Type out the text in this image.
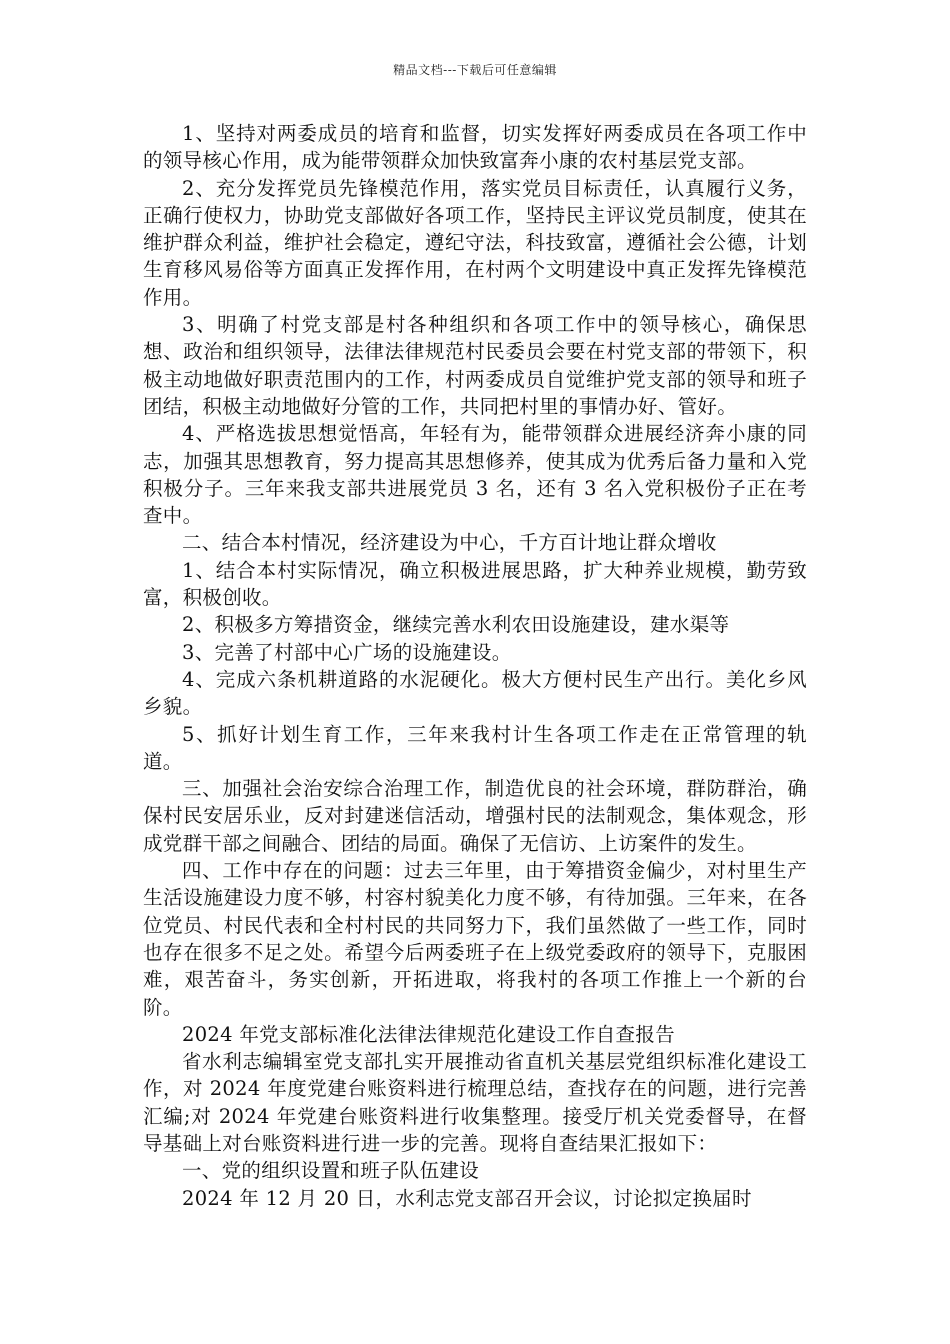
精品文档---下载后可任意编辑

1、坚持对两委成员的培育和监督，切实发挥好两委成员在各项工作中的领导核心作用，成为能带领群众加快致富奔小康的农村基层党支部。

2、充分发挥党员先锋模范作用，落实党员目标责任，认真履行义务，正确行使权力，协助党支部做好各项工作，坚持民主评议党员制度，使其在维护群众利益，维护社会稳定，遵纪守法，科技致富，遵循社会公德，计划生育移风易俗等方面真正发挥作用，在村两个文明建设中真正发挥先锋模范作用。

3、明确了村党支部是村各种组织和各项工作中的领导核心，确保思想、政治和组织领导，法律法律规范村民委员会要在村党支部的带领下，积极主动地做好职责范围内的工作，村两委成员自觉维护党支部的领导和班子团结，积极主动地做好分管的工作，共同把村里的事情办好、管好。

4、严格选拔思想觉悟高，年轻有为，能带领群众进展经济奔小康的同志，加强其思想教育，努力提高其思想修养，使其成为优秀后备力量和入党积极分子。三年来我支部共进展党员 3 名，还有 3 名入党积极份子正在考查中。

二、结合本村情况，经济建设为中心，千方百计地让群众增收

1、结合本村实际情况，确立积极进展思路，扩大种养业规模，勤劳致富，积极创收。

2、积极多方筹措资金，继续完善水利农田设施建设，建水渠等

3、完善了村部中心广场的设施建设。

4、完成六条机耕道路的水泥硬化。极大方便村民生产出行。美化乡风乡貌。

5、抓好计划生育工作，三年来我村计生各项工作走在正常管理的轨道。

三、加强社会治安综合治理工作，制造优良的社会环境，群防群治，确保村民安居乐业，反对封建迷信活动，增强村民的法制观念，集体观念，形成党群干部之间融合、团结的局面。确保了无信访、上访案件的发生。

四、工作中存在的问题：过去三年里，由于筹措资金偏少，对村里生产生活设施建设力度不够，村容村貌美化力度不够，有待加强。三年来，在各位党员、村民代表和全村村民的共同努力下，我们虽然做了一些工作，同时也存在很多不足之处。希望今后两委班子在上级党委政府的领导下，克服困难，艰苦奋斗，务实创新，开拓进取，将我村的各项工作推上一个新的台阶。

2024 年党支部标准化法律法律规范化建设工作自查报告

省水利志编辑室党支部扎实开展推动省直机关基层党组织标准化建设工作，对 2024 年度党建台账资料进行梳理总结，查找存在的问题，进行完善汇编;对 2024 年党建台账资料进行收集整理。接受厅机关党委督导，在督导基础上对台账资料进行进一步的完善。现将自查结果汇报如下：

一、党的组织设置和班子队伍建设

2024 年 12 月 20 日，水利志党支部召开会议，讨论拟定换届时
